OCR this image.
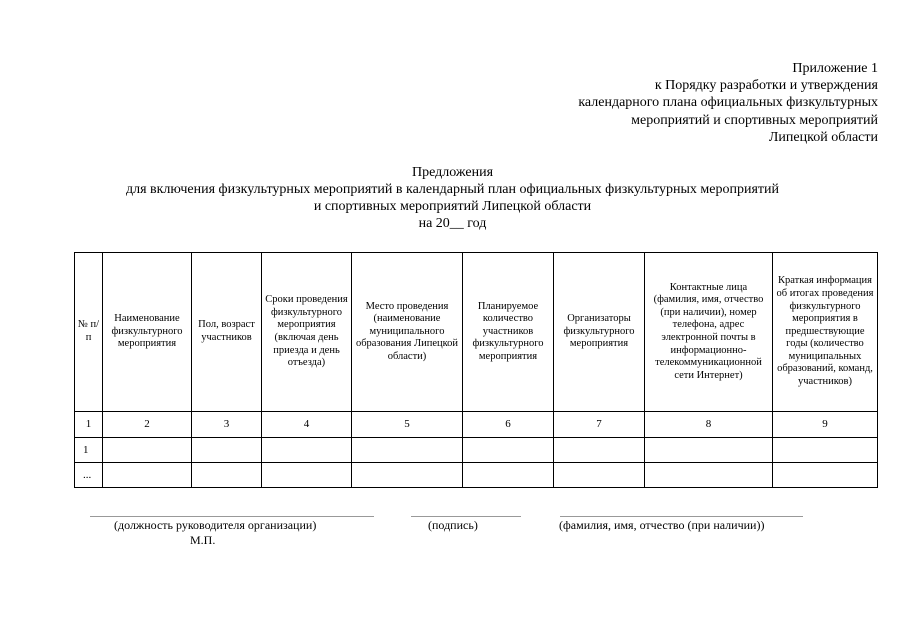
Приложение 1
к Порядку разработки и утверждения
календарного плана официальных физкультурных
мероприятий и спортивных мероприятий
Липецкой области
Предложения
для включения физкультурных мероприятий в календарный план официальных физкультурных мероприятий
и спортивных мероприятий Липецкой области
на 20__ год
№ п/п	Наименование физкультурного мероприятия	Пол, возраст участников	Сроки проведения физкультурного мероприятия (включая день приезда и день отъезда)	Место проведения (наименование муниципального образования Липецкой области)	Планируемое количество участников физкультурного мероприятия	Организаторы физкультурного мероприятия	Контактные лица (фамилия, имя, отчество (при наличии), номер телефона, адрес электронной почты в информационно-телекоммуникационной сети Интернет)	Краткая информация об итогах проведения физкультурного мероприятия в предшествующие годы (количество муниципальных образований, команд, участников)
1	2	3	4	5	6	7	8	9
1								
...								
(должность руководителя организации)	(подпись)	(фамилия, имя, отчество (при наличии))
М.П.
